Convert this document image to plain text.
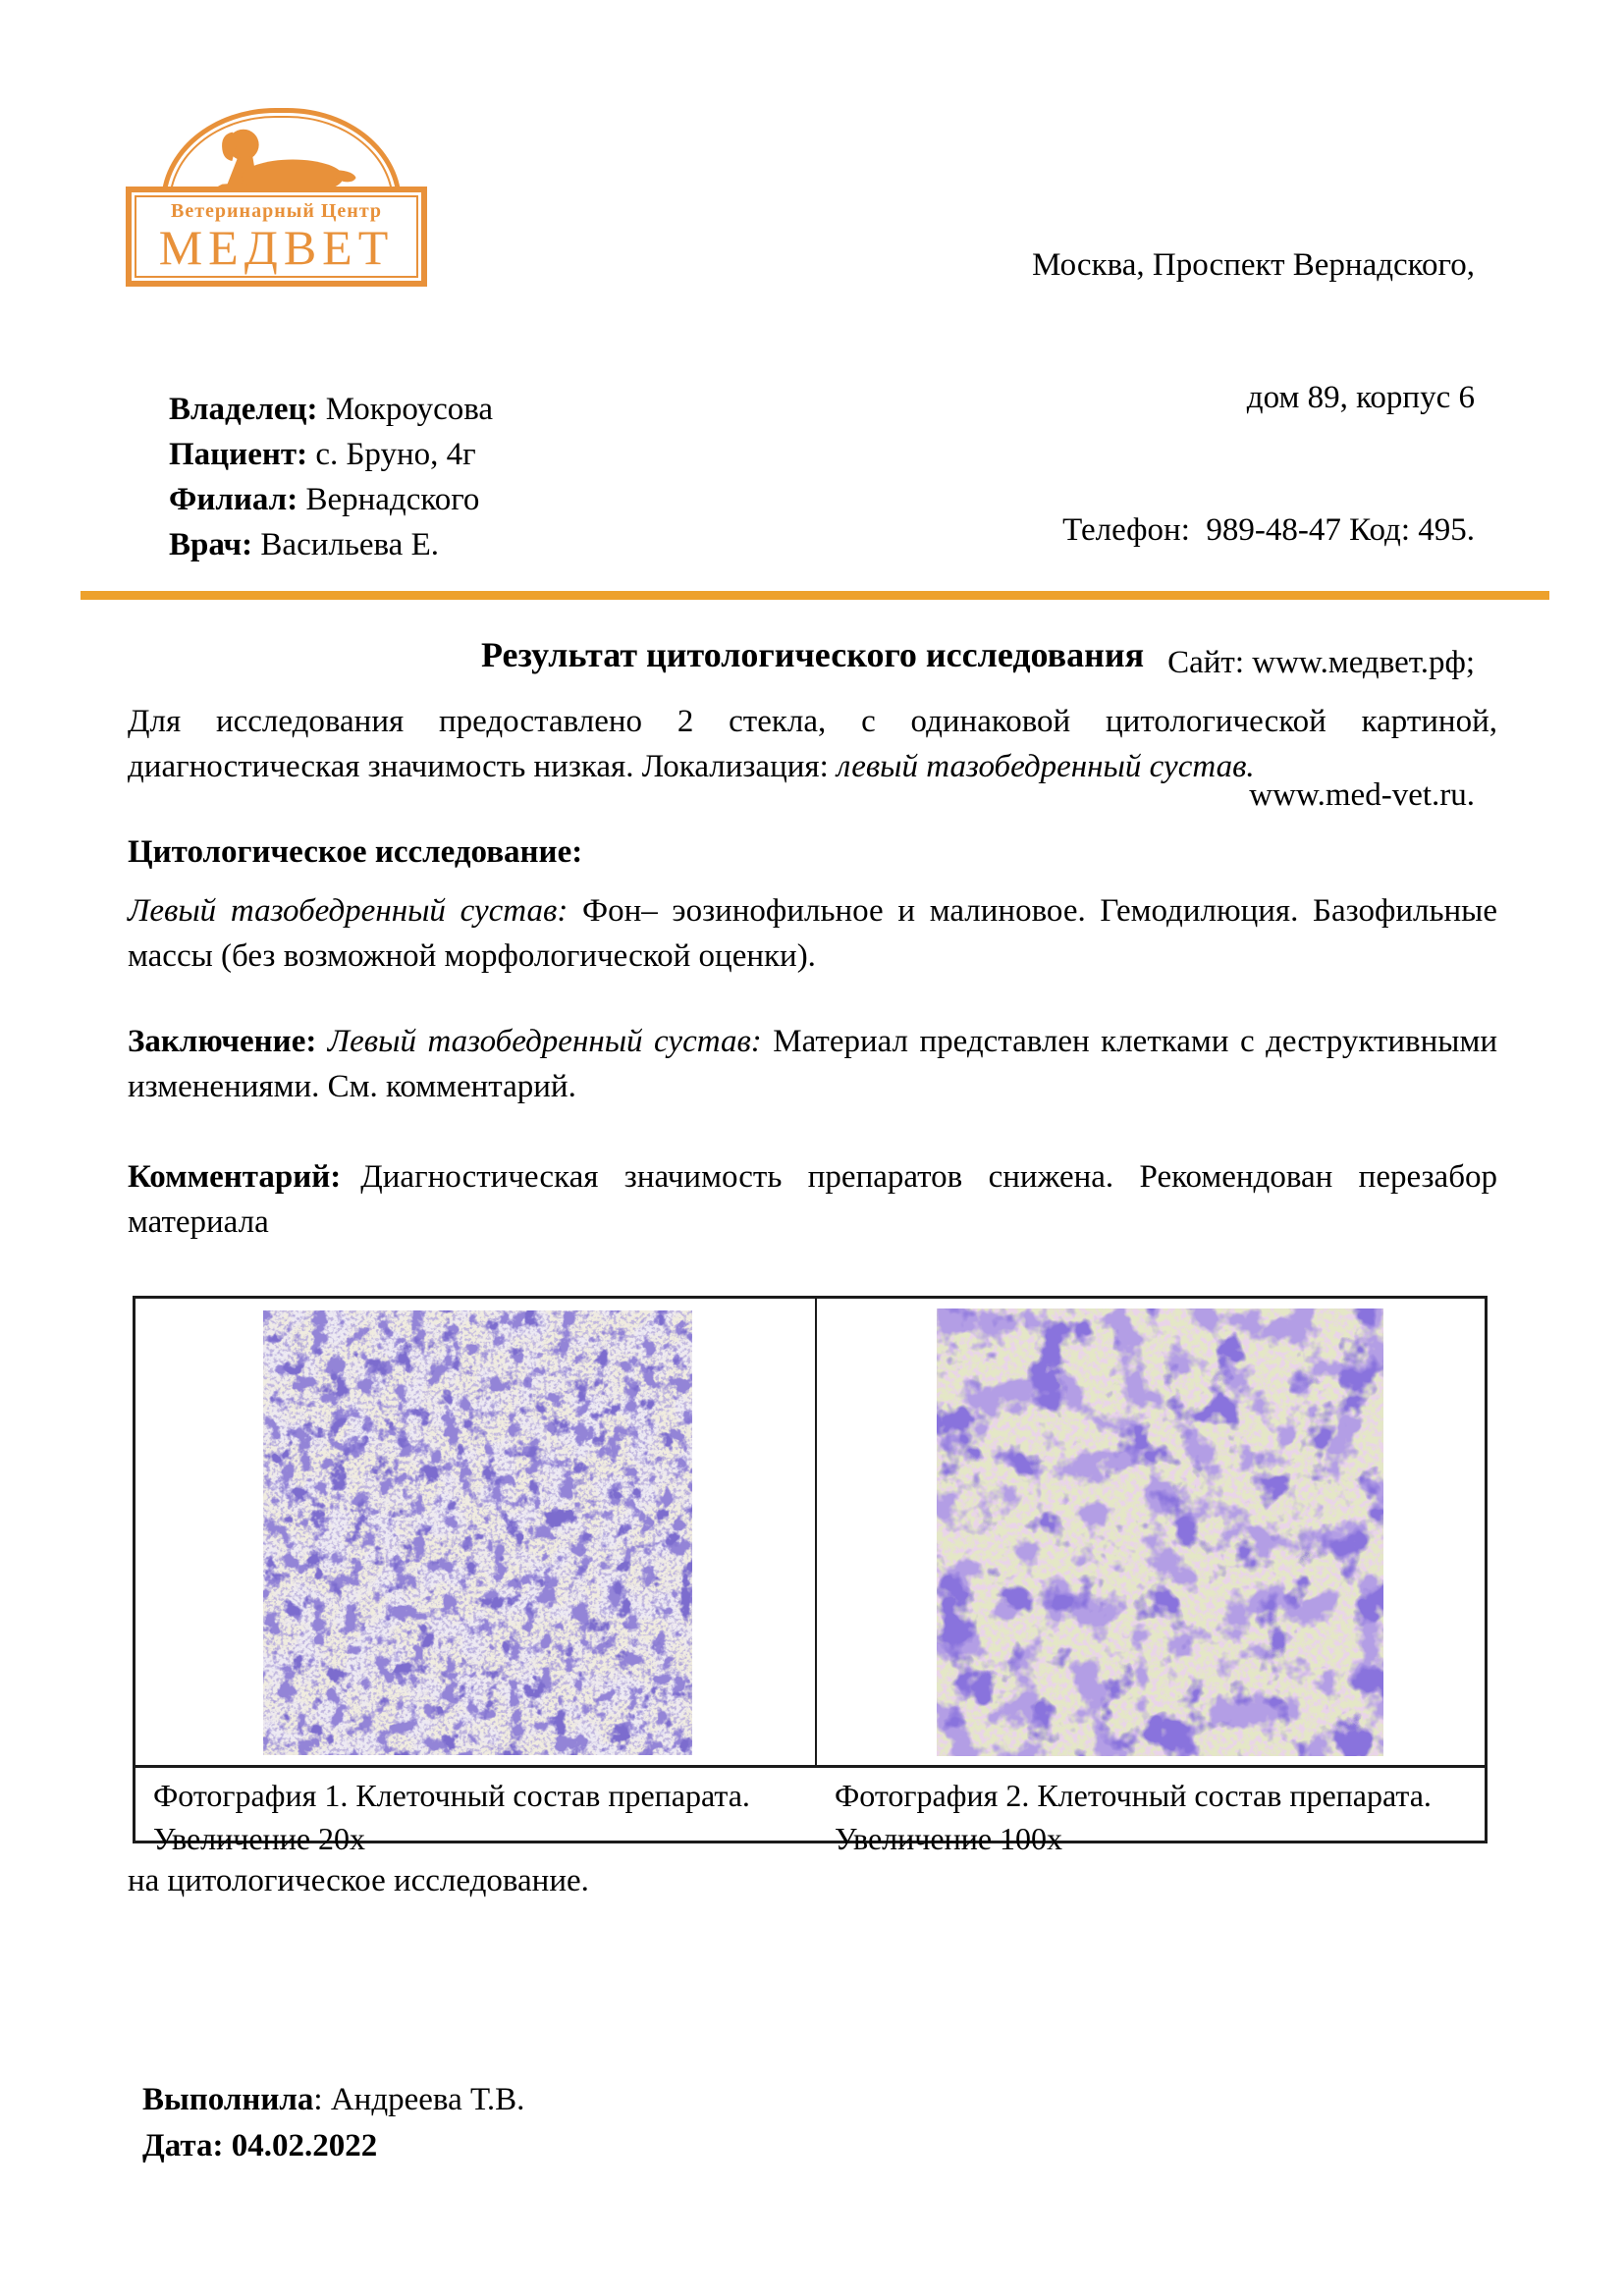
Ветеринарный Центр
МЕДВЕТ

	Москва, Проспект Вернадского,

дом 89, корпус 6

Телефон:  989-48-47 Код: 495.

Сайт: www.медвет.рф;

www.med-vet.ru.

Владелец: Мокроусова
Пациент: с. Бруно, 4г
Филиал: Вернадского
Врач: Васильева Е.
Результат цитологического исследования
Для исследования предоставлено 2 стекла, с одинаковой цитологической картиной, диагностическая значимость низкая. Локализация: левый тазобедренный сустав.
Цитологическое исследование:
Левый тазобедренный сустав: Фон– эозинофильное и малиновое. Гемодилюция. Базофильные массы (без возможной морфологической оценки).
Заключение: Левый тазобедренный сустав: Материал представлен клетками с деструктивными изменениями. См. комментарий.
Комментарий: Диагностическая значимость препаратов снижена. Рекомендован перезабор материала
Фотография 1. Клеточный состав препарата.
Увеличение 20х
Фотография 2. Клеточный состав препарата.
Увеличение 100х
на цитологическое исследование.
Выполнила: Андреева Т.В.
Дата: 04.02.2022
